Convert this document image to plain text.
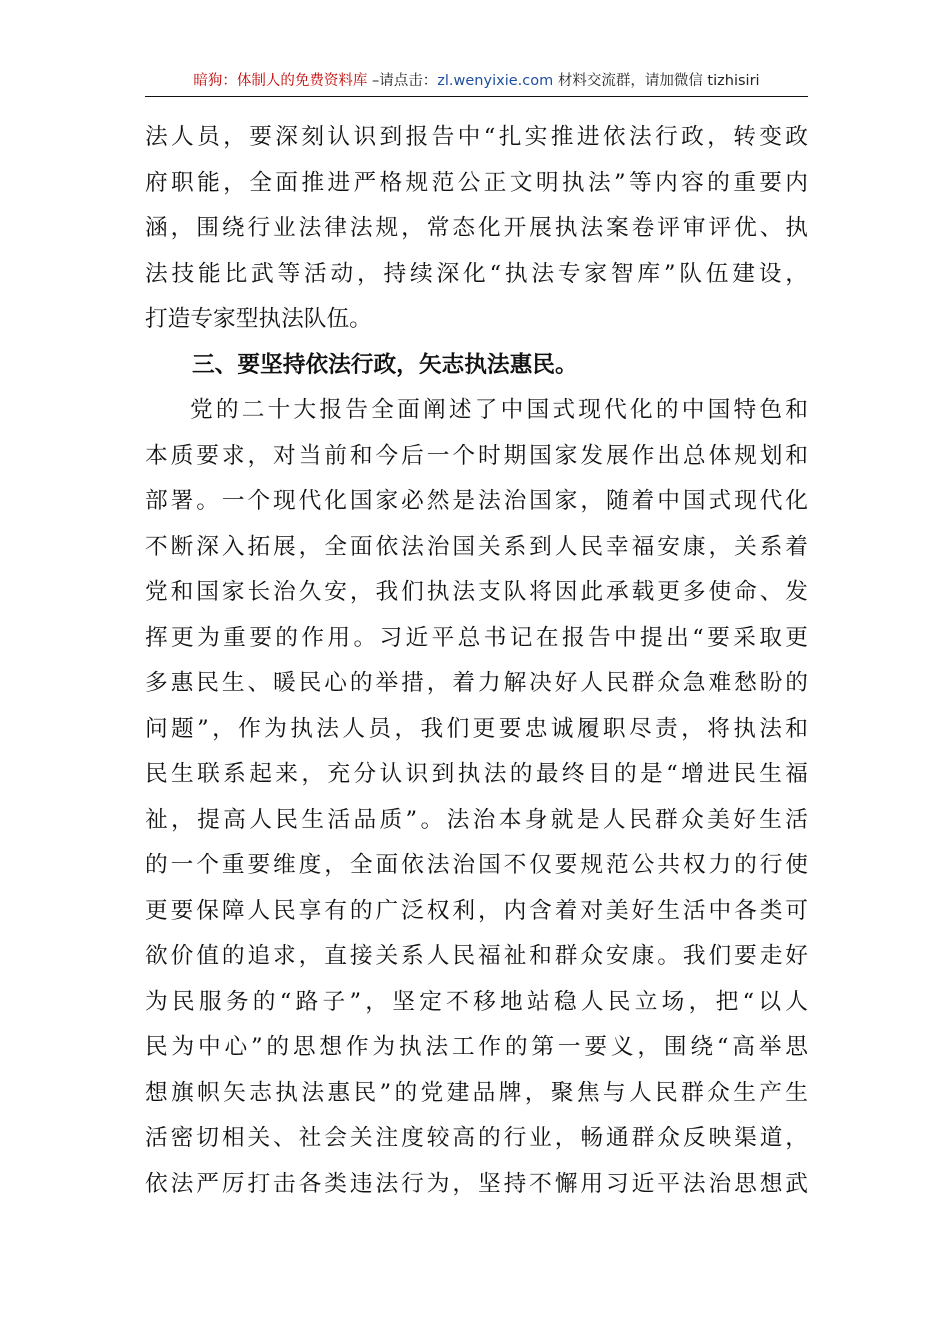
暗狗：体制人的免费资料库 –请点击：zl.wenyixie.com 材料交流群，请加微信 tizhisiri

法人员，要深刻认识到报告中“扎实推进依法行政，转变政

府职能，全面推进严格规范公正文明执法”等内容的重要内

涵，围绕行业法律法规，常态化开展执法案卷评审评优、执

法技能比武等活动，持续深化“执法专家智库”队伍建设，

打造专家型执法队伍。

三、要坚持依法行政，矢志执法惠民。

党的二十大报告全面阐述了中国式现代化的中国特色和

本质要求，对当前和今后一个时期国家发展作出总体规划和

部署。一个现代化国家必然是法治国家，随着中国式现代化

不断深入拓展，全面依法治国关系到人民幸福安康，关系着

党和国家长治久安，我们执法支队将因此承载更多使命、发

挥更为重要的作用。习近平总书记在报告中提出“要采取更

多惠民生、暖民心的举措，着力解决好人民群众急难愁盼的

问题”，作为执法人员，我们更要忠诚履职尽责，将执法和

民生联系起来，充分认识到执法的最终目的是“增进民生福

祉，提高人民生活品质”。法治本身就是人民群众美好生活

的一个重要维度，全面依法治国不仅要规范公共权力的行使

更要保障人民享有的广泛权利，内含着对美好生活中各类可

欲价值的追求，直接关系人民福祉和群众安康。我们要走好

为民服务的“路子”，坚定不移地站稳人民立场，把“以人

民为中心”的思想作为执法工作的第一要义，围绕“高举思

想旗帜矢志执法惠民”的党建品牌，聚焦与人民群众生产生

活密切相关、社会关注度较高的行业，畅通群众反映渠道，

依法严厉打击各类违法行为，坚持不懈用习近平法治思想武
